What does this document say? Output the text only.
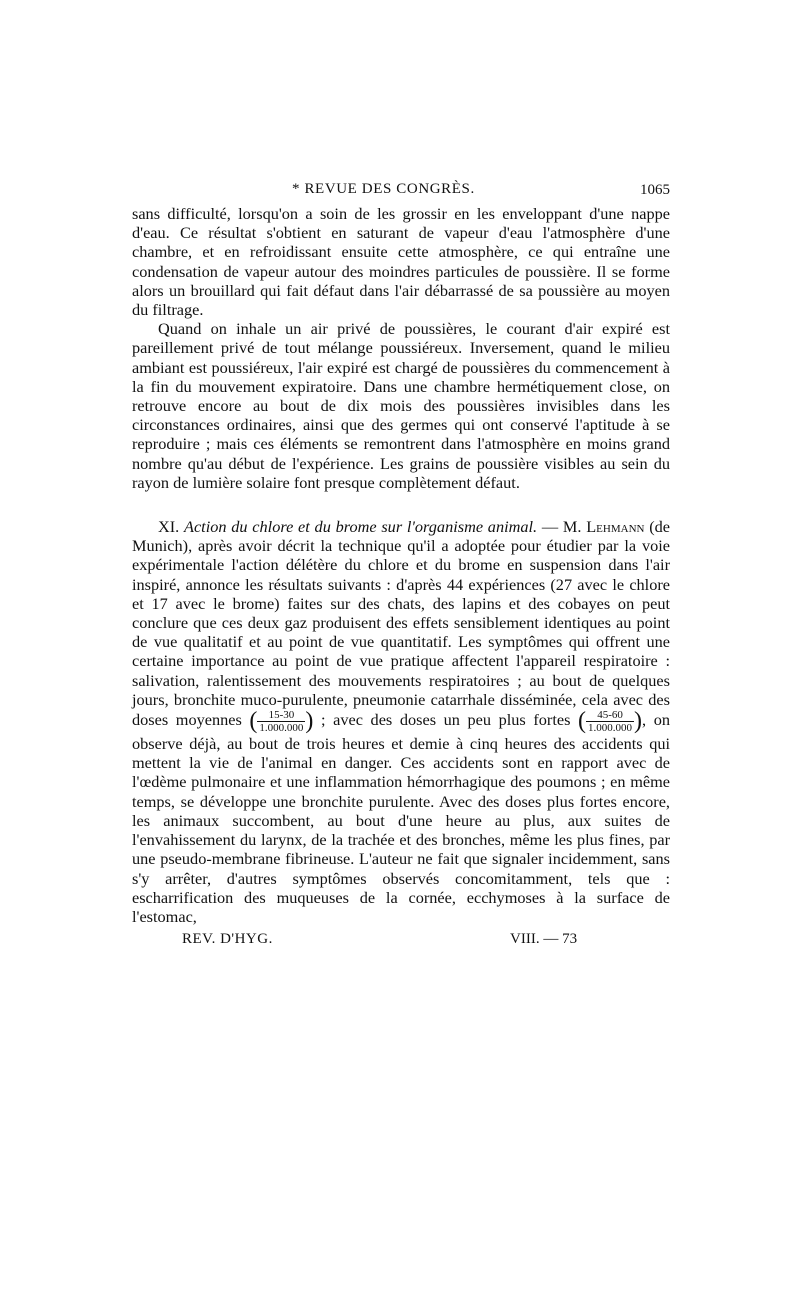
* REVUE DES CONGRÈS.	1065

sans difficulté, lorsqu'on a soin de les grossir en les enveloppant d'une nappe d'eau. Ce résultat s'obtient en saturant de vapeur d'eau l'atmosphère d'une chambre, et en refroidissant ensuite cette atmosphère, ce qui entraîne une condensation de vapeur autour des moindres particules de poussière. Il se forme alors un brouillard qui fait défaut dans l'air débarrassé de sa poussière au moyen du filtrage.

Quand on inhale un air privé de poussières, le courant d'air expiré est pareillement privé de tout mélange poussiéreux. Inversement, quand le milieu ambiant est poussiéreux, l'air expiré est chargé de poussières du commencement à la fin du mouvement expiratoire. Dans une chambre hermétiquement close, on retrouve encore au bout de dix mois des poussières invisibles dans les circonstances ordinaires, ainsi que des germes qui ont conservé l'aptitude à se reproduire ; mais ces éléments se remontrent dans l'atmosphère en moins grand nombre qu'au début de l'expérience. Les grains de poussière visibles au sein du rayon de lumière solaire font presque complètement défaut.

XI. Action du chlore et du brome sur l'organisme animal. — M. Lehmann (de Munich), après avoir décrit la technique qu'il a adoptée pour étudier par la voie expérimentale l'action délétère du chlore et du brome en suspension dans l'air inspiré, annonce les résultats suivants : d'après 44 expériences (27 avec le chlore et 17 avec le brome) faites sur des chats, des lapins et des cobayes on peut conclure que ces deux gaz produisent des effets sensiblement identiques au point de vue qualitatif et au point de vue quantitatif. Les symptômes qui offrent une certaine importance au point de vue pratique affectent l'appareil respiratoire : salivation, ralentissement des mouvements respiratoires ; au bout de quelques jours, bronchite muco-purulente, pneumonie catarrhale disséminée, cela avec des doses moyennes ( $\frac{15-30}{1.000.000}$ ) ; avec des doses un peu plus fortes ( $\frac{45-60}{1.000.000}$ ), on observe déjà, au bout de trois heures et demie à cinq heures des accidents qui mettent la vie de l'animal en danger. Ces accidents sont en rapport avec de l'œdème pulmonaire et une inflammation hémorrhagique des poumons ; en même temps, se développe une bronchite purulente. Avec des doses plus fortes encore, les animaux succombent, au bout d'une heure au plus, aux suites de l'envahissement du larynx, de la trachée et des bronches, même les plus fines, par une pseudo-membrane fibrineuse. L'auteur ne fait que signaler incidemment, sans s'y arrêter, d'autres symptômes observés concomitamment, tels que : escharrification des muqueuses de la cornée, ecchymoses à la surface de l'estomac,

REV. D'HYG.	VIII. — 73
